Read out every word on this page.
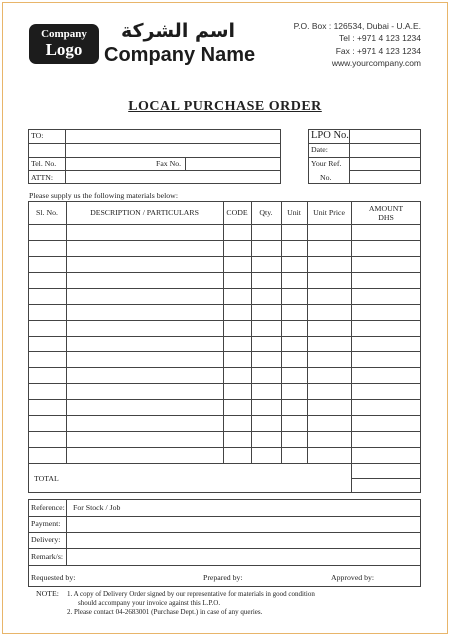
Company
Logo
اسم الشركة
Company Name
P.O. Box : 126534, Dubai - U.A.E.
Tel : +971 4 123 1234
Fax : +971 4 123 1234
www.yourcompany.com
LOCAL PURCHASE ORDER
TO:
Tel. No.	Fax No.
ATTN:
LPO No.
Date:
Your Ref.
No.
Please supply us the following materials below:
Sl. No.	DESCRIPTION / PARTICULARS	CODE	Qty.	Unit	Unit Price	AMOUNT
DHS
TOTAL
Reference: For Stock / Job
Payment:
Delivery:
Remark/s:
Requested by:	Prepared by:	Approved by:
NOTE: 1. A copy of Delivery Order signed by our representative for materials in good condition
should accompany your invoice against this L.P.O.
2. Please contact 04-2683001 (Purchase Dept.) in case of any queries.
